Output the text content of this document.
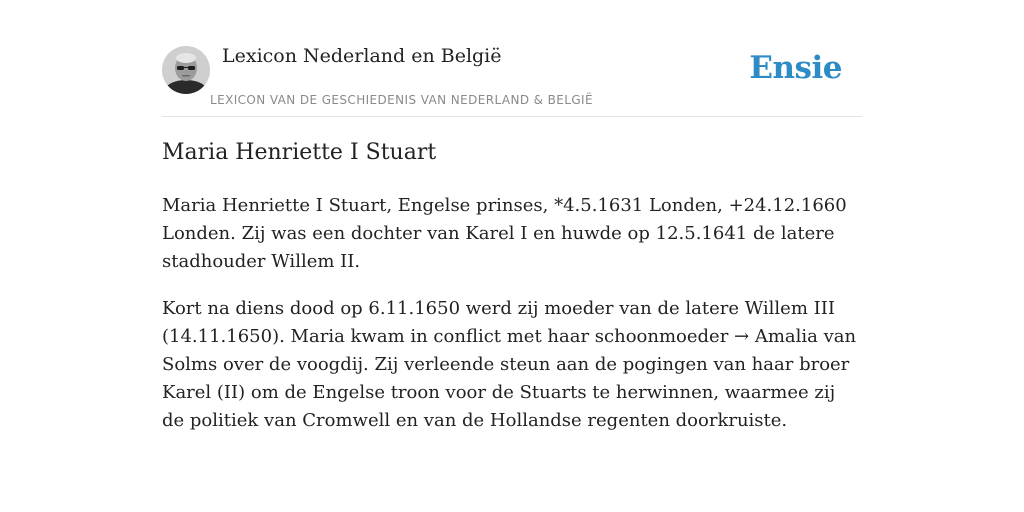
Lexicon Nederland en België
LEXICON VAN DE GESCHIEDENIS VAN NEDERLAND & BELGIË
Ensie
Maria Henriette I Stuart

Maria Henriette I Stuart, Engelse prinses, *4.5.1631 Londen, +24.12.1660 Londen. Zij was een dochter van Karel I en huwde op 12.5.1641 de latere stadhouder Willem II.

Kort na diens dood op 6.11.1650 werd zij moeder van de latere Willem III (14.11.1650). Maria kwam in conflict met haar schoonmoeder → Amalia van Solms over de voogdij. Zij verleende steun aan de pogingen van haar broer Karel (II) om de Engelse troon voor de Stuarts te herwinnen, waarmee zij de politiek van Cromwell en van de Hollandse regenten doorkruiste.
